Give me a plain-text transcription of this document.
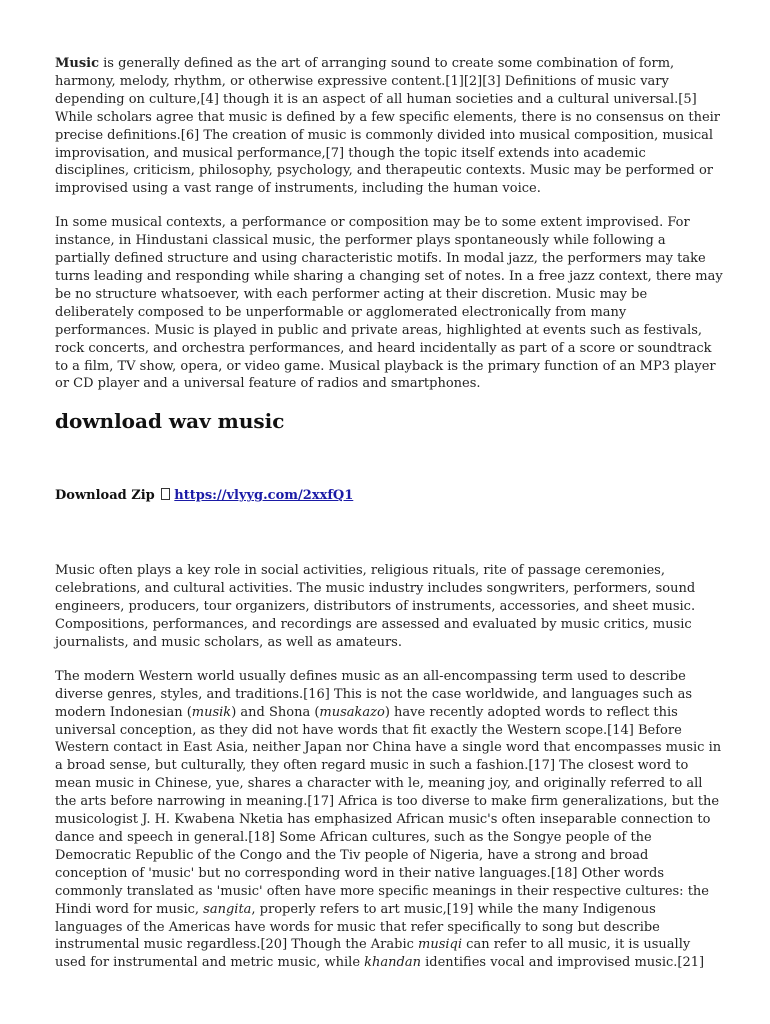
Music is generally defined as the art of arranging sound to create some combination of form, harmony, melody, rhythm, or otherwise expressive content.[1][2][3] Definitions of music vary depending on culture,[4] though it is an aspect of all human societies and a cultural universal.[5] While scholars agree that music is defined by a few specific elements, there is no consensus on their precise definitions.[6] The creation of music is commonly divided into musical composition, musical improvisation, and musical performance,[7] though the topic itself extends into academic disciplines, criticism, philosophy, psychology, and therapeutic contexts. Music may be performed or improvised using a vast range of instruments, including the human voice.

In some musical contexts, a performance or composition may be to some extent improvised. For instance, in Hindustani classical music, the performer plays spontaneously while following a partially defined structure and using characteristic motifs. In modal jazz, the performers may take turns leading and responding while sharing a changing set of notes. In a free jazz context, there may be no structure whatsoever, with each performer acting at their discretion. Music may be deliberately composed to be unperformable or agglomerated electronically from many performances. Music is played in public and private areas, highlighted at events such as festivals, rock concerts, and orchestra performances, and heard incidentally as part of a score or soundtrack to a film, TV show, opera, or video game. Musical playback is the primary function of an MP3 player or CD player and a universal feature of radios and smartphones.

download wav music
Download Zip https://vlyyg.com/2xxfQ1

Music often plays a key role in social activities, religious rituals, rite of passage ceremonies, celebrations, and cultural activities. The music industry includes songwriters, performers, sound engineers, producers, tour organizers, distributors of instruments, accessories, and sheet music. Compositions, performances, and recordings are assessed and evaluated by music critics, music journalists, and music scholars, as well as amateurs.

The modern Western world usually defines music as an all-encompassing term used to describe diverse genres, styles, and traditions.[16] This is not the case worldwide, and languages such as modern Indonesian (musik) and Shona (musakazo) have recently adopted words to reflect this universal conception, as they did not have words that fit exactly the Western scope.[14] Before Western contact in East Asia, neither Japan nor China have a single word that encompasses music in a broad sense, but culturally, they often regard music in such a fashion.[17] The closest word to mean music in Chinese, yue, shares a character with le, meaning joy, and originally referred to all the arts before narrowing in meaning.[17] Africa is too diverse to make firm generalizations, but the musicologist J. H. Kwabena Nketia has emphasized African music's often inseparable connection to dance and speech in general.[18] Some African cultures, such as the Songye people of the Democratic Republic of the Congo and the Tiv people of Nigeria, have a strong and broad conception of 'music' but no corresponding word in their native languages.[18] Other words commonly translated as 'music' often have more specific meanings in their respective cultures: the Hindi word for music, sangita, properly refers to art music,[19] while the many Indigenous languages of the Americas have words for music that refer specifically to song but describe instrumental music regardless.[20] Though the Arabic musiqi can refer to all music, it is usually used for instrumental and metric music, while khandan identifies vocal and improvised music.[21]
